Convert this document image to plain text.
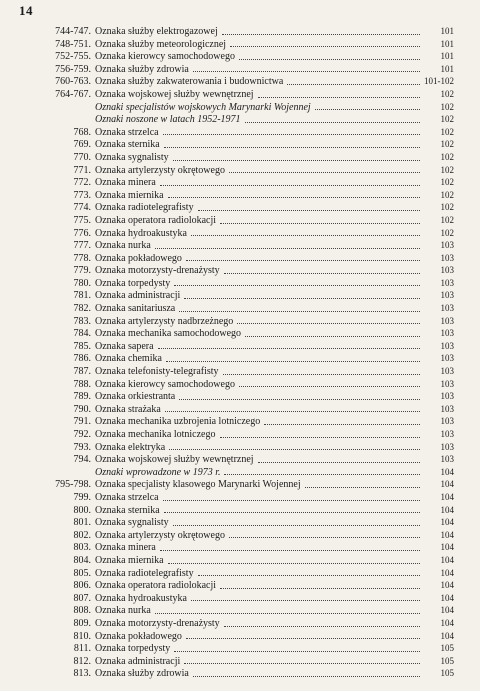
14
744-747. Oznaka służby elektrogazowej	101
748-751. Oznaka służby meteorologicznej	101
752-755. Oznaka kierowcy samochodowego	101
756-759. Oznaka służby zdrowia	101
760-763. Oznaka służby zakwaterowania i budownictwa	101-102
764-767. Oznaka wojskowej służby wewnętrznej	102
Oznaki specjalistów wojskowych Marynarki Wojennej	102
Oznaki noszone w latach 1952-1971	102
768. Oznaka strzelca	102
769. Oznaka sternika	102
770. Oznaka sygnalisty	102
771. Oznaka artylerzysty okrętowego	102
772. Oznaka minera	102
773. Oznaka miernika	102
774. Oznaka radiotelegrafisty	102
775. Oznaka operatora radiolokacji	102
776. Oznaka hydroakustyka	102
777. Oznaka nurka	103
778. Oznaka pokładowego	103
779. Oznaka motorzysty-drenażysty	103
780. Oznaka torpedysty	103
781. Oznaka administracji	103
782. Oznaka sanitariusza	103
783. Oznaka artylerzysty nadbrzeżnego	103
784. Oznaka mechanika samochodowego	103
785. Oznaka sapera	103
786. Oznaka chemika	103
787. Oznaka telefonisty-telegrafisty	103
788. Oznaka kierowcy samochodowego	103
789. Oznaka orkiestranta	103
790. Oznaka strażaka	103
791. Oznaka mechanika uzbrojenia lotniczego	103
792. Oznaka mechanika lotniczego	103
793. Oznaka elektryka	103
794. Oznaka wojskowej służby wewnętrznej	103
Oznaki wprowadzone w 1973 r.	104
795-798. Oznaka specjalisty klasowego Marynarki Wojennej	104
799. Oznaka strzelca	104
800. Oznaka sternika	104
801. Oznaka sygnalisty	104
802. Oznaka artylerzysty okrętowego	104
803. Oznaka minera	104
804. Oznaka miernika	104
805. Oznaka radiotelegrafisty	104
806. Oznaka operatora radiolokacji	104
807. Oznaka hydroakustyka	104
808. Oznaka nurka	104
809. Oznaka motorzysty-drenażysty	104
810. Oznaka pokładowego	104
811. Oznaka torpedysty	105
812. Oznaka administracji	105
813. Oznaka służby zdrowia	105
